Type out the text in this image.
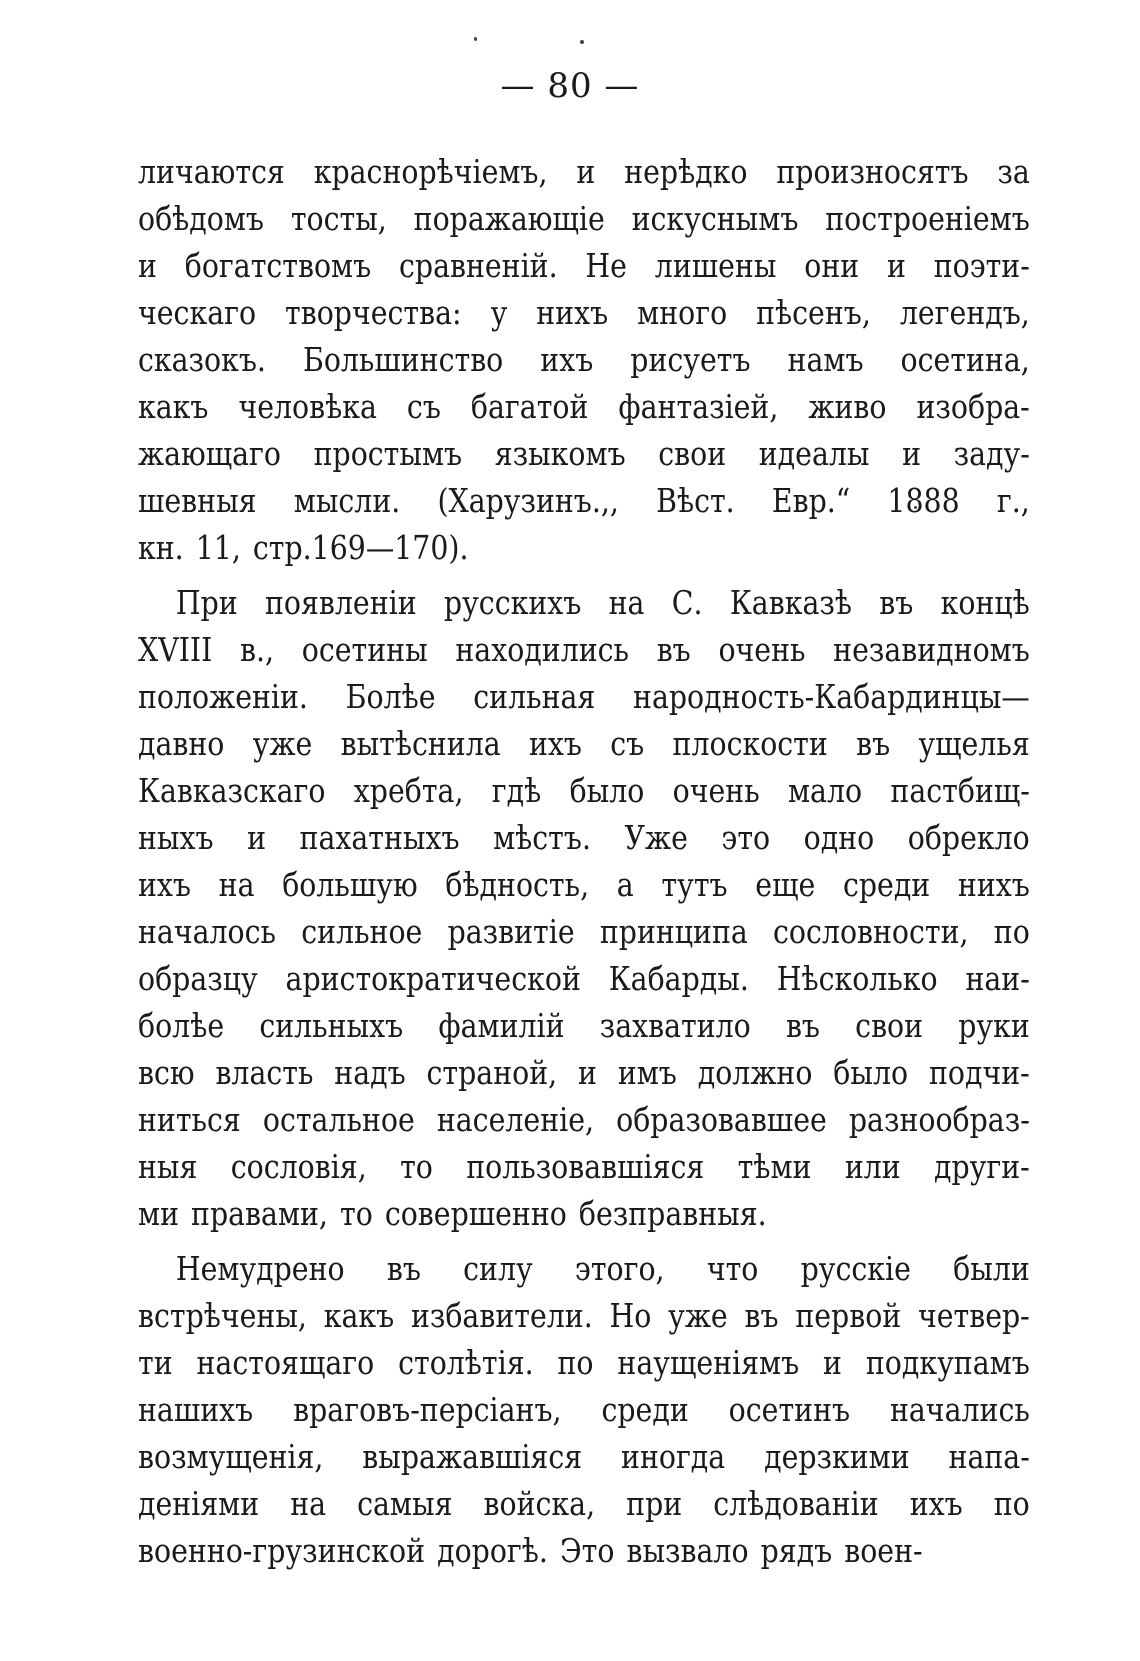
— 80 —
личаются краснорѣчіемъ, и нерѣдко произносятъ за
обѣдомъ тосты, поражающіе искуснымъ построеніемъ
и богатствомъ сравненій. Не лишены они и поэти-
ческаго творчества: у нихъ много пѣсенъ, легендъ,
сказокъ. Большинство ихъ рисуетъ намъ осетина,
какъ человѣка съ багатой фантазіей, живо изобра-
жающаго простымъ языкомъ свои идеалы и заду-
шевныя мысли. (Харузинъ.,, Вѣст. Евр.“ 1888 г.,
кн. 11, стр.169—170).
При появленіи русскихъ на С. Кавказѣ въ концѣ
XVIII в., осетины находились въ очень незавидномъ
положеніи. Болѣе сильная народность-Кабардинцы—
давно уже вытѣснила ихъ съ плоскости въ ущелья
Кавказскаго хребта, гдѣ было очень мало пастбищ-
ныхъ и пахатныхъ мѣстъ. Уже это одно обрекло
ихъ на большую бѣдность, а тутъ еще среди нихъ
началось сильное развитіе принципа сословности, по
образцу аристократической Кабарды. Нѣсколько наи-
болѣе сильныхъ фамилій захватило въ свои руки
всю власть надъ страной, и имъ должно было подчи-
ниться остальное населеніе, образовавшее разнообраз-
ныя сословія, то пользовавшіяся тѣми или други-
ми правами, то совершенно безправныя.
Немудрено въ силу этого, что русскіе были
встрѣчены, какъ избавители. Но уже въ первой четвер-
ти настоящаго столѣтія. по наущеніямъ и подкупамъ
нашихъ враговъ-персіанъ, среди осетинъ начались
возмущенія, выражавшіяся иногда дерзкими напа-
деніями на самыя войска, при слѣдованіи ихъ по
военно-грузинской дорогѣ. Это вызвало рядъ воен-
